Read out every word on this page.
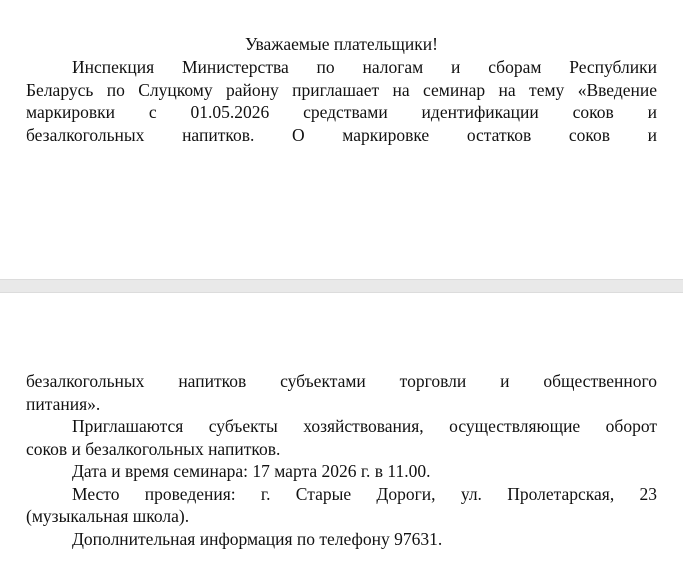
Уважаемые плательщики!

Инспекция Министерства по налогам и сборам Республики
Беларусь по Слуцкому району приглашает на семинар на тему «Введение
маркировки с 01.05.2026 средствами идентификации соков и
безалкогольных напитков. О маркировке остатков соков и
безалкогольных напитков субъектами торговли и общественного
питания».
Приглашаются субъекты хозяйствования, осуществляющие оборот
соков и безалкогольных напитков.
Дата и время семинара: 17 марта 2026 г. в 11.00.
Место проведения: г. Старые Дороги, ул. Пролетарская, 23
(музыкальная школа).
Дополнительная информация по телефону 97631.
